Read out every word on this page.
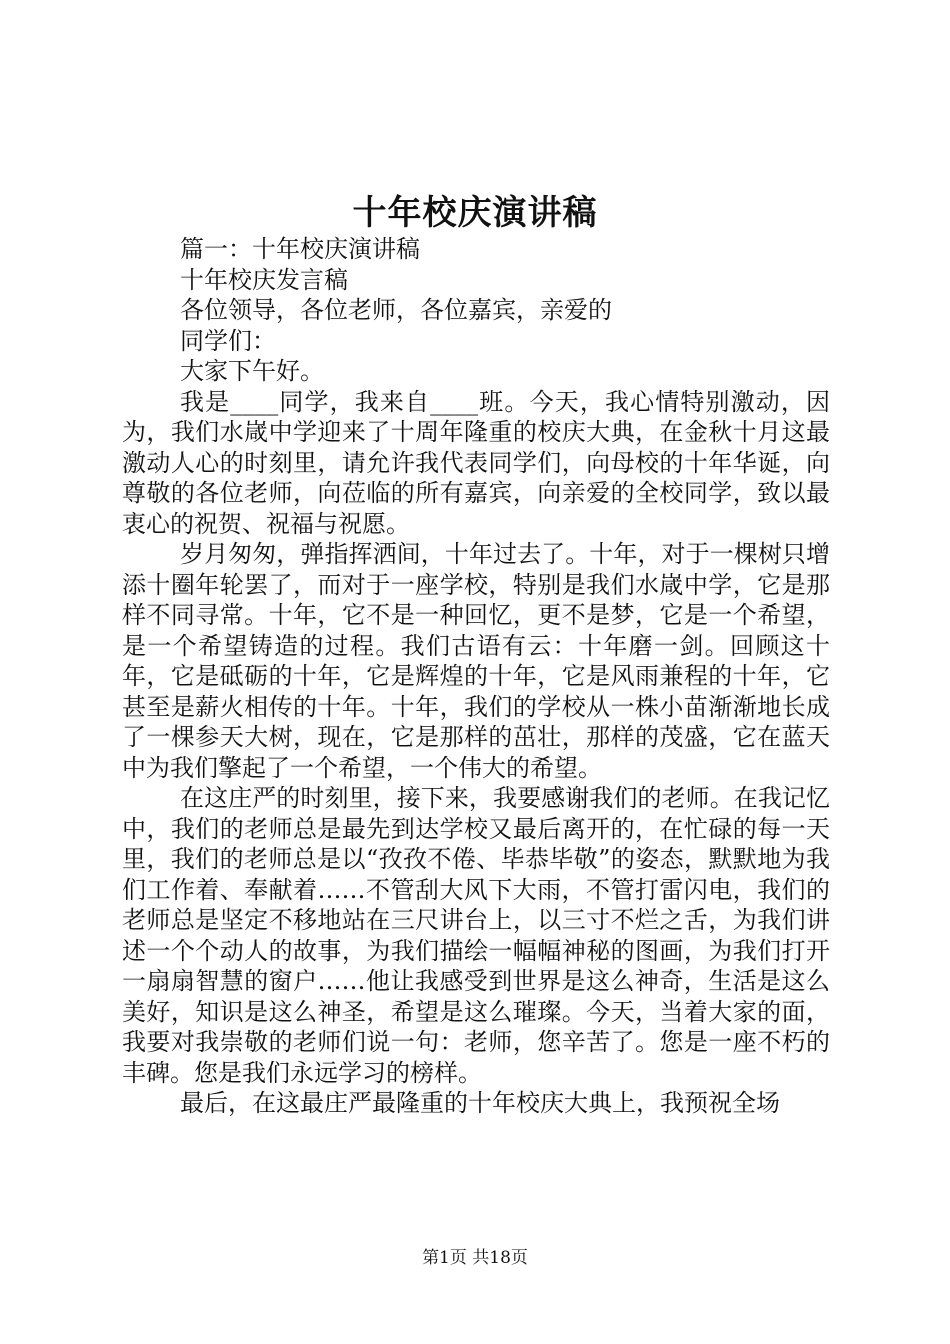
十年校庆演讲稿
篇一：十年校庆演讲稿
十年校庆发言稿
各位领导，各位老师，各位嘉宾，亲爱的
同学们：
大家下午好。

我是____同学，我来自____班。今天，我心情特别激动，因为，我们水嵅中学迎来了十周年隆重的校庆大典，在金秋十月这最激动人心的时刻里，请允许我代表同学们，向母校的十年华诞，向尊敬的各位老师，向莅临的所有嘉宾，向亲爱的全校同学，致以最衷心的祝贺、祝福与祝愿。

岁月匆匆，弹指挥洒间，十年过去了。十年，对于一棵树只增添十圈年轮罢了，而对于一座学校，特别是我们水嵅中学，它是那样不同寻常。十年，它不是一种回忆，更不是梦，它是一个希望，是一个希望铸造的过程。我们古语有云：十年磨一剑。回顾这十年，它是砥砺的十年，它是辉煌的十年，它是风雨兼程的十年，它甚至是薪火相传的十年。十年，我们的学校从一株小苗渐渐地长成了一棵参天大树，现在，它是那样的茁壮，那样的茂盛，它在蓝天中为我们擎起了一个希望，一个伟大的希望。

在这庄严的时刻里，接下来，我要感谢我们的老师。在我记忆中，我们的老师总是最先到达学校又最后离开的，在忙碌的每一天里，我们的老师总是以“孜孜不倦、毕恭毕敬”的姿态，默默地为我们工作着、奉献着……不管刮大风下大雨，不管打雷闪电，我们的老师总是坚定不移地站在三尺讲台上，以三寸不烂之舌，为我们讲述一个个动人的故事，为我们描绘一幅幅神秘的图画，为我们打开一扇扇智慧的窗户……他让我感受到世界是这么神奇，生活是这么美好，知识是这么神圣，希望是这么璀璨。今天，当着大家的面，我要对我崇敬的老师们说一句：老师，您辛苦了。您是一座不朽的丰碑。您是我们永远学习的榜样。

最后，在这最庄严最隆重的十年校庆大典上，我预祝全场

第1页 共18页
